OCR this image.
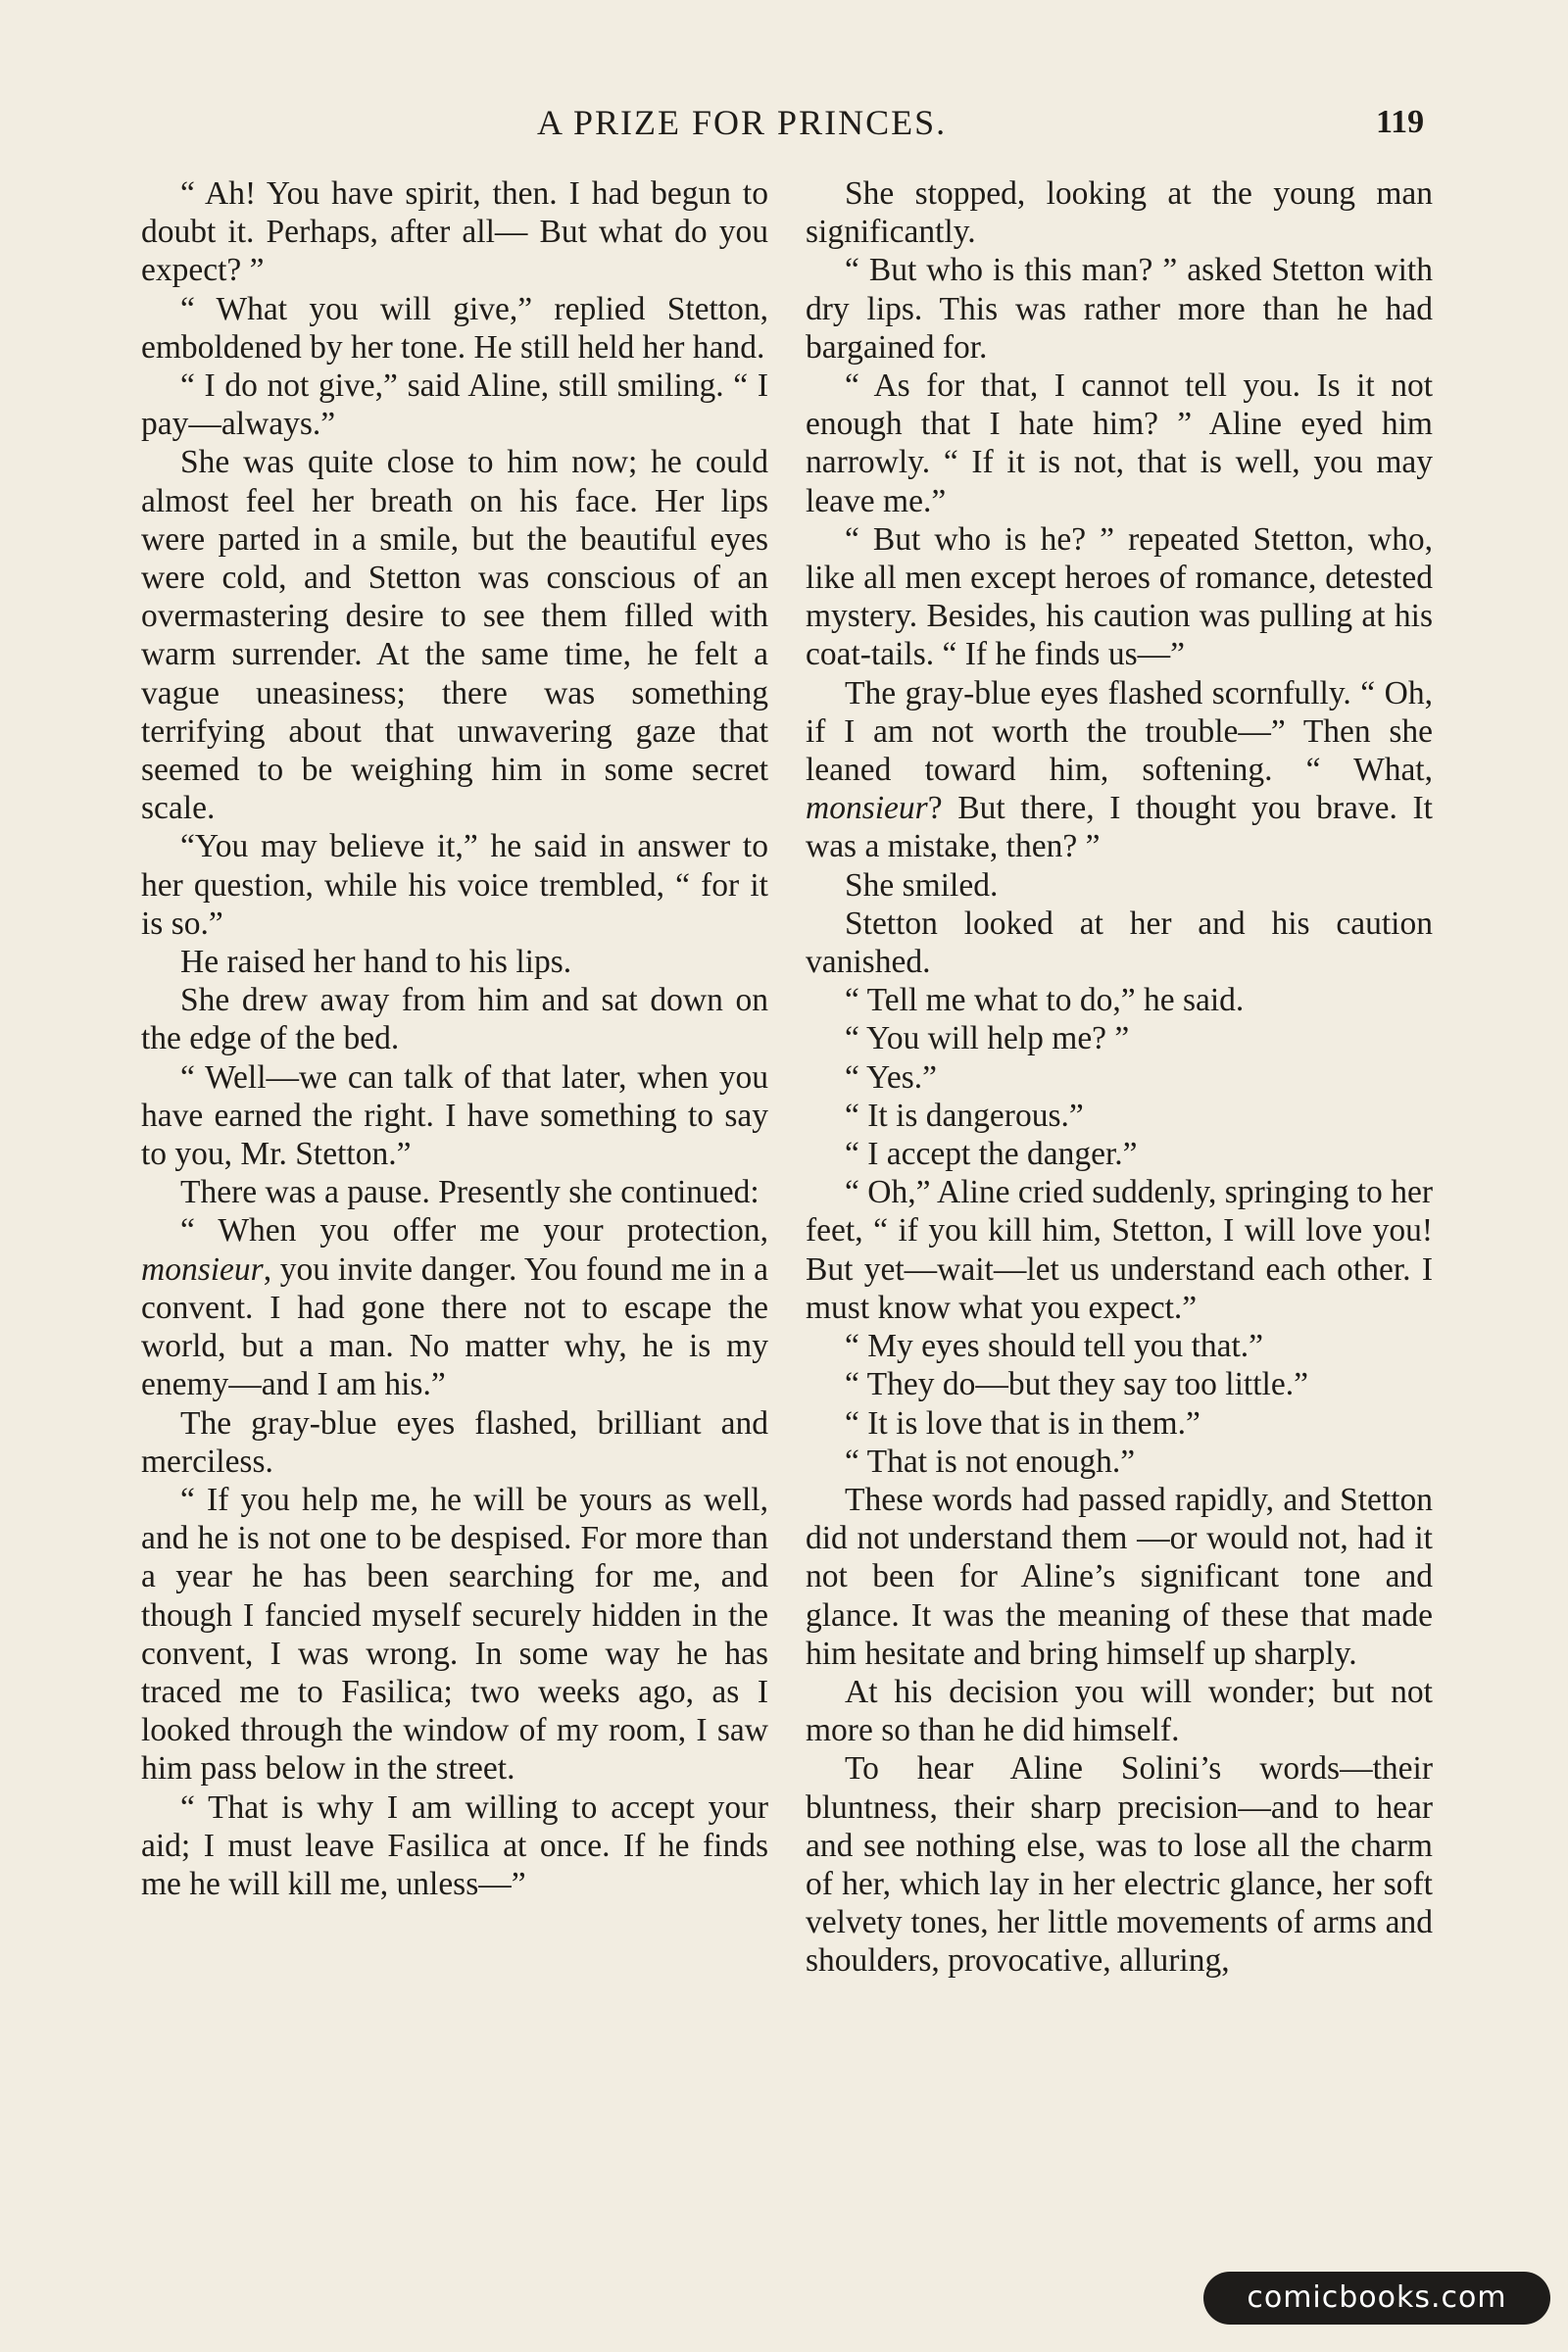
A PRIZE FOR PRINCES.	119

“ Ah! You have spirit, then. I had begun to doubt it. Perhaps, after all— But what do you expect? ”

“ What you will give,” replied Stetton, emboldened by her tone. He still held her hand.

“ I do not give,” said Aline, still smiling. “ I pay—always.”

She was quite close to him now; he could almost feel her breath on his face. Her lips were parted in a smile, but the beautiful eyes were cold, and Stetton was conscious of an overmastering desire to see them filled with warm surrender. At the same time, he felt a vague uneasiness; there was something terrifying about that unwavering gaze that seemed to be weighing him in some secret scale.

“You may believe it,” he said in answer to her question, while his voice trembled, “ for it is so.”

He raised her hand to his lips.

She drew away from him and sat down on the edge of the bed.

“ Well—we can talk of that later, when you have earned the right. I have something to say to you, Mr. Stetton.”

There was a pause. Presently she continued:

“ When you offer me your protection, monsieur, you invite danger. You found me in a convent. I had gone there not to escape the world, but a man. No matter why, he is my enemy—and I am his.”

The gray-blue eyes flashed, brilliant and merciless.

“ If you help me, he will be yours as well, and he is not one to be despised. For more than a year he has been searching for me, and though I fancied myself securely hidden in the convent, I was wrong. In some way he has traced me to Fasilica; two weeks ago, as I looked through the window of my room, I saw him pass below in the street.

“ That is why I am willing to accept your aid; I must leave Fasilica at once. If he finds me he will kill me, unless—”

She stopped, looking at the young man significantly.

“ But who is this man? ” asked Stetton with dry lips. This was rather more than he had bargained for.

“ As for that, I cannot tell you. Is it not enough that I hate him? ” Aline eyed him narrowly. “ If it is not, that is well, you may leave me.”

“ But who is he? ” repeated Stetton, who, like all men except heroes of romance, detested mystery. Besides, his caution was pulling at his coat-tails. “ If he finds us—”

The gray-blue eyes flashed scornfully. “ Oh, if I am not worth the trouble—” Then she leaned toward him, softening. “ What, monsieur? But there, I thought you brave. It was a mistake, then? ”

She smiled.

Stetton looked at her and his caution vanished.

“ Tell me what to do,” he said.

“ You will help me? ”

“ Yes.”

“ It is dangerous.”

“ I accept the danger.”

“ Oh,” Aline cried suddenly, springing to her feet, “ if you kill him, Stetton, I will love you! But yet—wait—let us understand each other. I must know what you expect.”

“ My eyes should tell you that.”

“ They do—but they say too little.”

“ It is love that is in them.”

“ That is not enough.”

These words had passed rapidly, and Stetton did not understand them —or would not, had it not been for Aline’s significant tone and glance. It was the meaning of these that made him hesitate and bring himself up sharply.

At his decision you will wonder; but not more so than he did himself.

To hear Aline Solini’s words—their bluntness, their sharp precision—and to hear and see nothing else, was to lose all the charm of her, which lay in her electric glance, her soft velvety tones, her little movements of arms and shoulders, provocative, alluring,

comicbooks.com
